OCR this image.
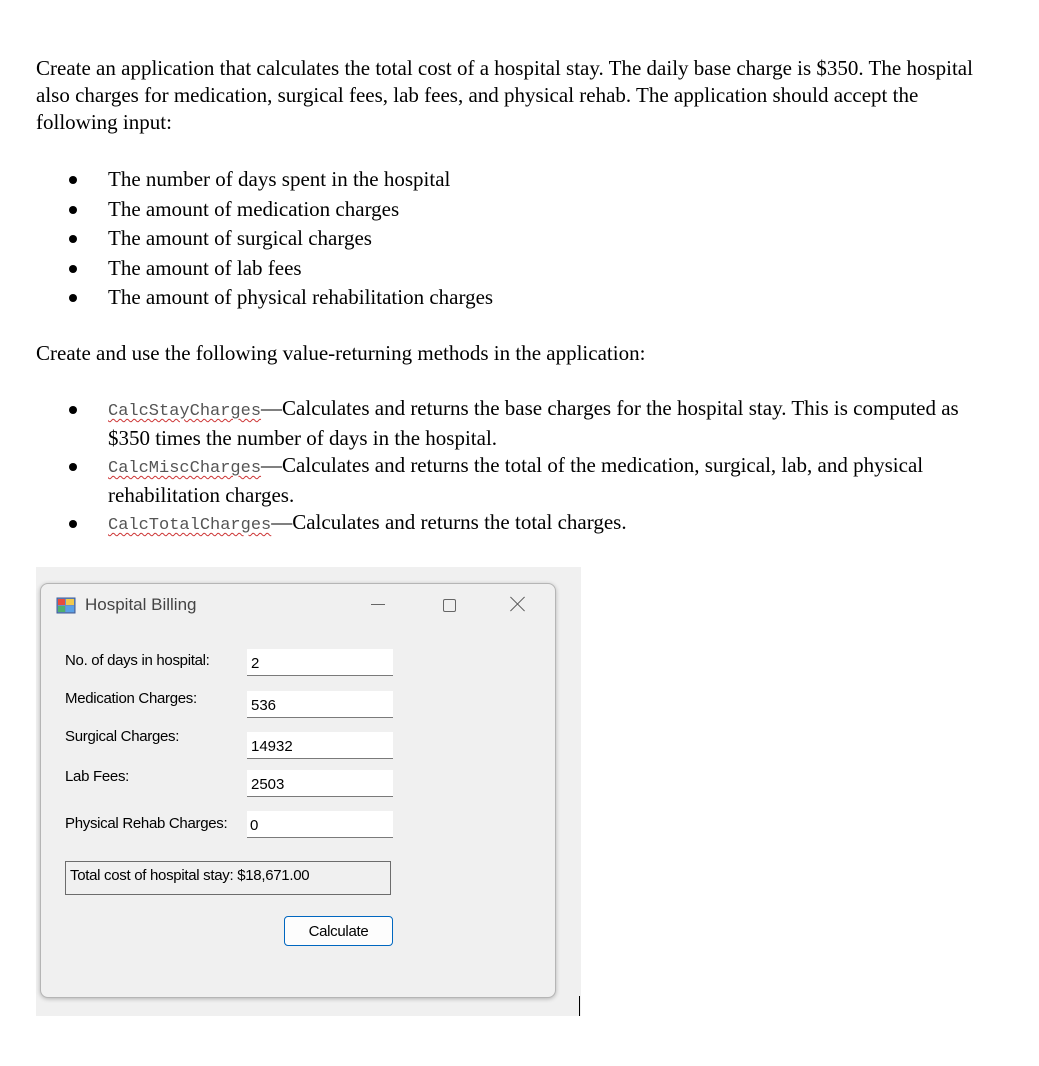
Create an application that calculates the total cost of a hospital stay. The daily base charge is $350. The hospital also charges for medication, surgical fees, lab fees, and physical rehab. The application should accept the following input:

The number of days spent in the hospital
The amount of medication charges
The amount of surgical charges
The amount of lab fees
The amount of physical rehabilitation charges

Create and use the following value-returning methods in the application:

CalcStayCharges—Calculates and returns the base charges for the hospital stay. This is computed as $350 times the number of days in the hospital.
CalcMiscCharges—Calculates and returns the total of the medication, surgical, lab, and physical rehabilitation charges.
CalcTotalCharges—Calculates and returns the total charges.
Hospital Billing
No. of days in hospital:
2
Medication Charges:
536
Surgical Charges:
14932
Lab Fees:
2503
Physical Rehab Charges:
0
Total cost of hospital stay: $18,671.00
Calculate
